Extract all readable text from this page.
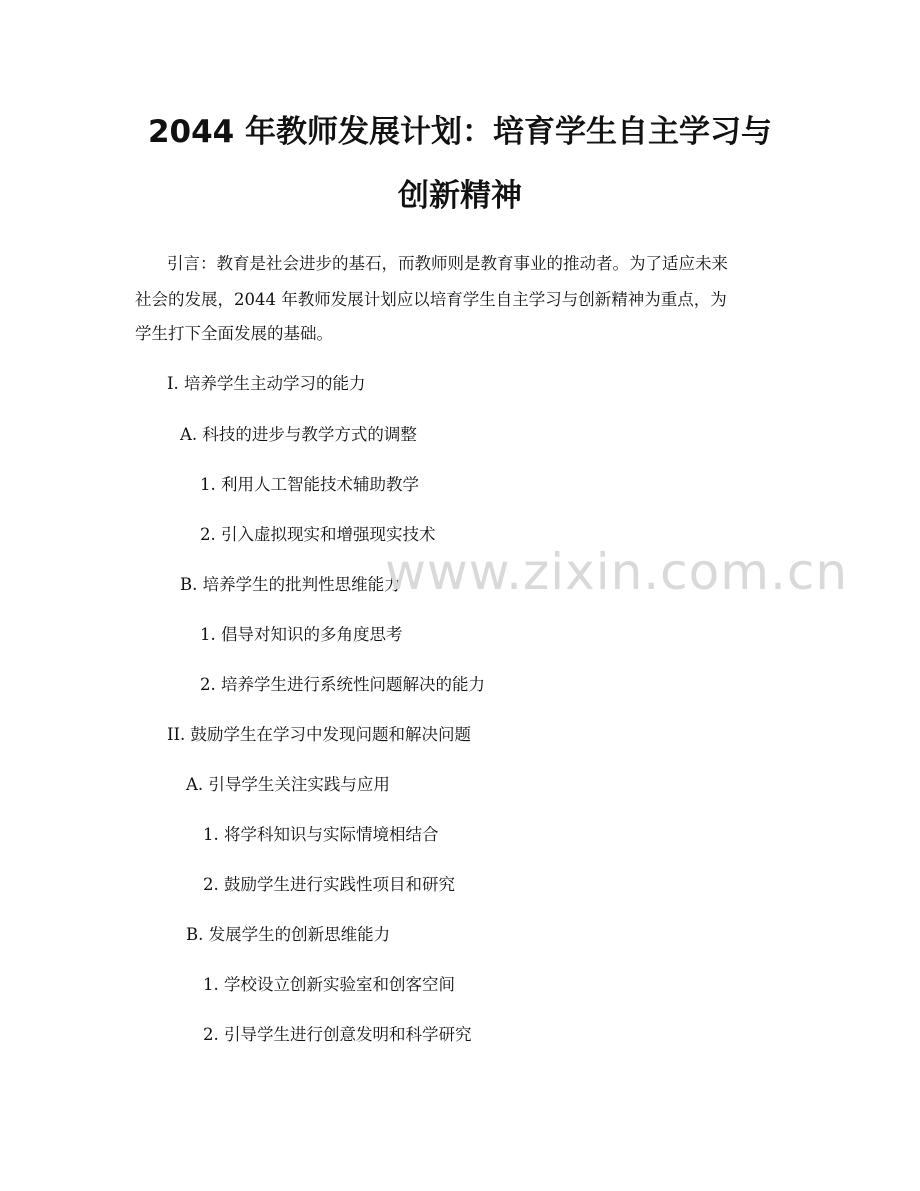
2044 年教师发展计划：培育学生自主学习与
创新精神

引言：教育是社会进步的基石，而教师则是教育事业的推动者。为了适应未来

社会的发展，2044 年教师发展计划应以培育学生自主学习与创新精神为重点，为

学生打下全面发展的基础。

I. 培养学生主动学习的能力

A. 科技的进步与教学方式的调整

1. 利用人工智能技术辅助教学

2. 引入虚拟现实和增强现实技术

B. 培养学生的批判性思维能力

1. 倡导对知识的多角度思考

2. 培养学生进行系统性问题解决的能力

II. 鼓励学生在学习中发现问题和解决问题

A. 引导学生关注实践与应用

1. 将学科知识与实际情境相结合

2. 鼓励学生进行实践性项目和研究

B. 发展学生的创新思维能力

1. 学校设立创新实验室和创客空间

2. 引导学生进行创意发明和科学研究

www.zixin.com.cn
